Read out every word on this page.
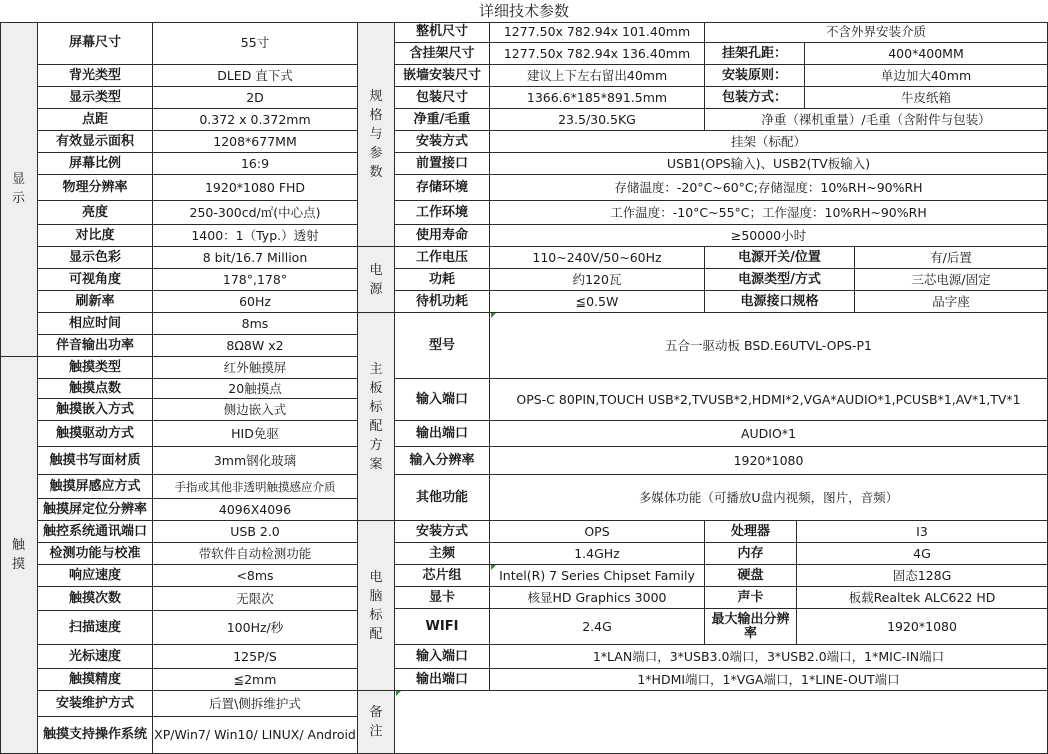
详细技术参数
显示
触摸
屏幕尺寸	55寸
背光类型	DLED 直下式
显示类型	2D
点距	0.372 x 0.372mm
有效显示面积	1208*677MM
屏幕比例	16:9
物理分辨率	1920*1080 FHD
亮度	250-300cd/㎡(中心点)
对比度	1400：1（Typ.）透射
显示色彩	8 bit/16.7 Million
可视角度	178°,178°
刷新率	60Hz
相应时间	8ms
伴音输出功率	8Ω8W x2
触摸类型	红外触摸屏
触摸点数	20触摸点
触摸嵌入方式	侧边嵌入式
触摸驱动方式	HID免驱
触摸书写面材质	3mm钢化玻璃
触摸屏感应方式	手指或其他非透明触摸感应介质
触摸屏定位分辨率	4096X4096
触控系统通讯端口	USB 2.0
检测功能与校准	带软件自动检测功能
响应速度	<8ms
触摸次数	无限次
扫描速度	100Hz/秒
光标速度	125P/S
触摸精度	≦2mm
安装维护方式	后置\侧拆维护式
触摸支持操作系统 XP/Win7/ Win10/ LINUX/ Android
规格与参数
整机尺寸	1277.50x 782.94x 101.40mm	不含外界安装介质
含挂架尺寸	1277.50x 782.94x 136.40mm	挂架孔距：	400*400MM
嵌墙安装尺寸	建议上下左右留出40mm	安装原则：	单边加大40mm
包装尺寸	1366.6*185*891.5mm	包装方式：	牛皮纸箱
净重/毛重	23.5/30.5KG	净重（裸机重量）/毛重（含附件与包装）
安装方式	挂架（标配）
前置接口	USB1(OPS输入)、USB2(TV板输入)
存储环境	存储温度：-20°C~60°C;存储湿度：10%RH~90%RH
工作环境	工作温度：-10°C~55°C；工作湿度：10%RH~90%RH
使用寿命	≥50000小时
电源
工作电压	110~240V/50~60Hz	电源开关/位置	有/后置
功耗	约120瓦	电源类型/方式	三芯电源/固定
待机功耗	≦0.5W	电源接口规格	品字座
主板标配方案
型号	五合一驱动板 BSD.E6UTVL-OPS-P1
输入端口	OPS-C 80PIN,TOUCH USB*2,TVUSB*2,HDMI*2,VGA*AUDIO*1,PCUSB*1,AV*1,TV*1
输出端口	AUDIO*1
输入分辨率	1920*1080
其他功能	多媒体功能（可播放U盘内视频，图片，音频）
电脑标配
安装方式	OPS	处理器	I3
主频	1.4GHz	内存	4G
芯片组	Intel(R) 7 Series Chipset Family	硬盘	固态128G
显卡	核显HD Graphics 3000	声卡	板载Realtek ALC622 HD
WIFI	2.4G	最大输出分辨率	1920*1080
输入端口	1*LAN端口，3*USB3.0端口，3*USB2.0端口，1*MIC-IN端口
输出端口	1*HDMI端口，1*VGA端口，1*LINE-OUT端口
备注
